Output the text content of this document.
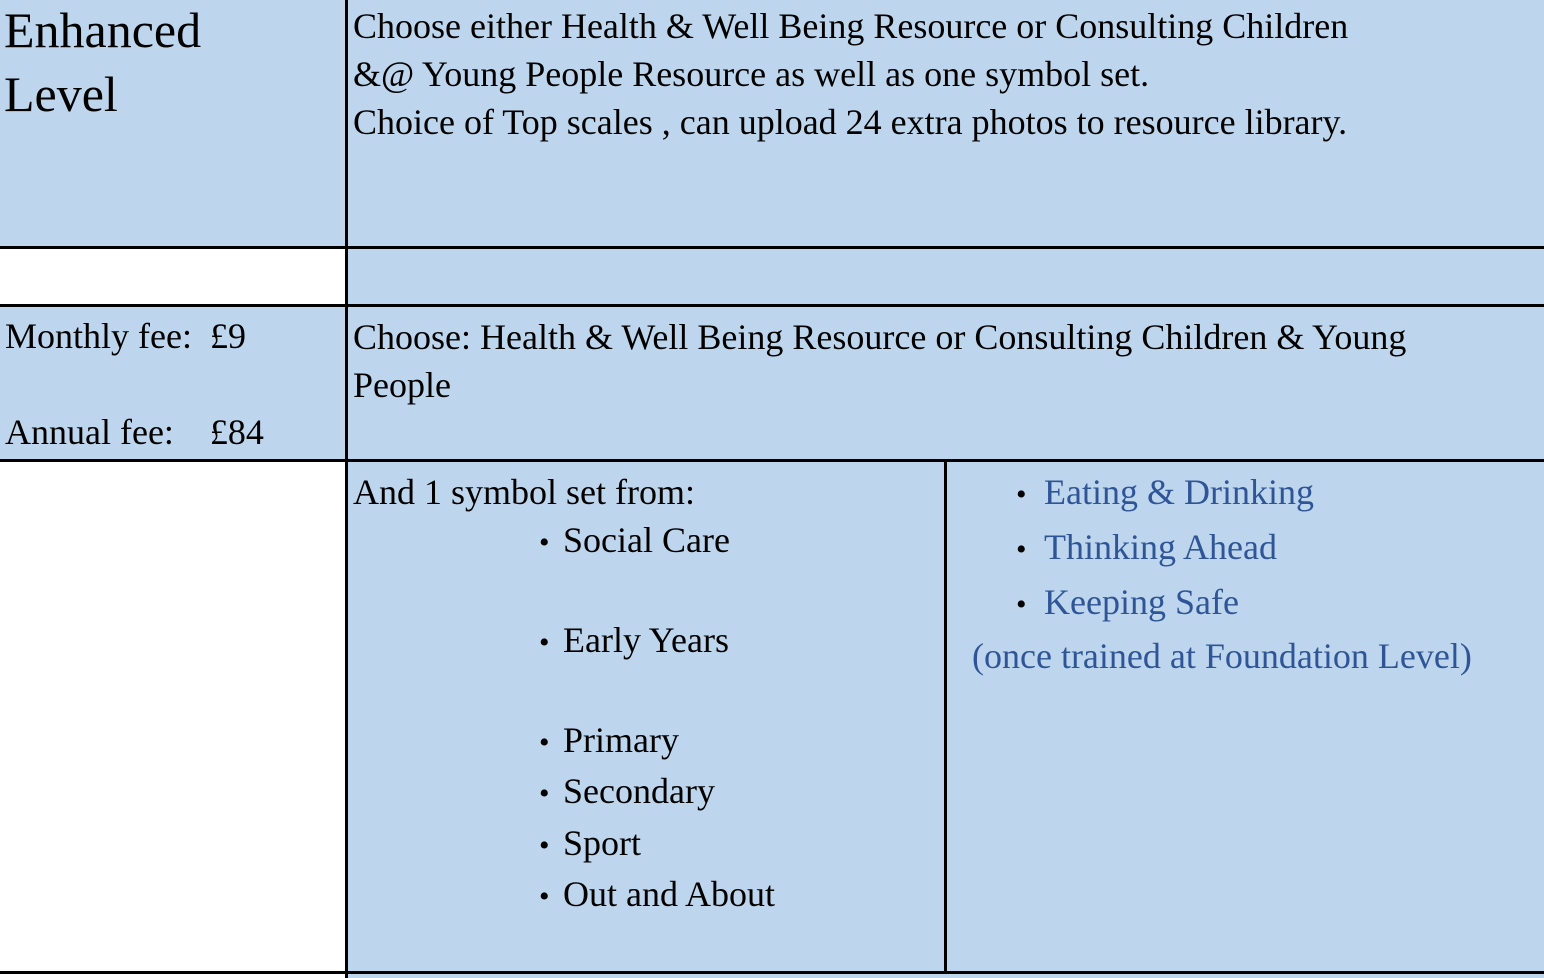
Enhanced
Level

Choose either Health & Well Being Resource or Consulting Children
&@ Young People Resource as well as one symbol set.
Choice of Top scales , can upload 24 extra photos to resource library.

Monthly fee:  £9
Annual fee:    £84

Choose: Health & Well Being Resource or Consulting Children & Young People

And 1 symbol set from:
• Social Care
• Early Years
• Primary
• Secondary
• Sport
• Out and About
• Eating & Drinking
• Thinking Ahead
• Keeping Safe
(once trained at Foundation Level)
